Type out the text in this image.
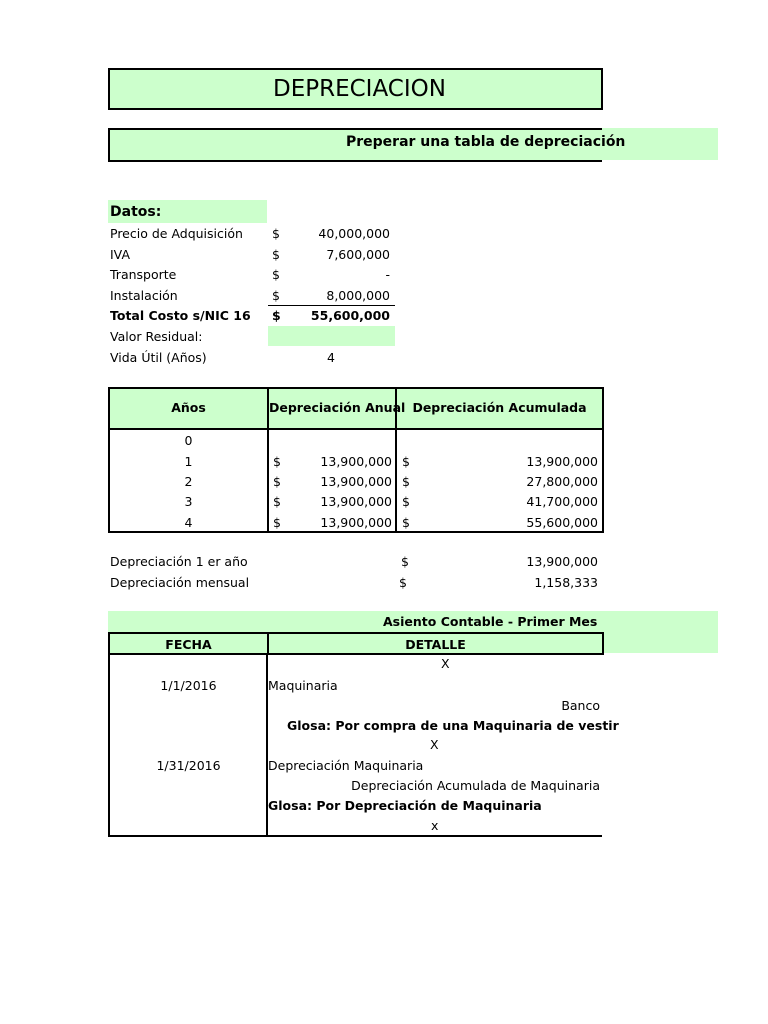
DEPRECIACION
Preperar una tabla de depreciación
Datos:
Precio de Adquisición $	40,000,000
IVA	$	7,600,000
Transporte	$	-
Instalación	$	8,000,000
Total Costo s/NIC 16 $ 55,600,000
Valor Residual:
Vida Útil (Años)	4
Años	Depreciación Anual Depreciación Acumulada
0
1	$	13,900,000 $	13,900,000
2	$	13,900,000 $	27,800,000
3	$	13,900,000 $	41,700,000
4	$	13,900,000 $	55,600,000
Depreciación 1 er año	$	13,900,000
Depreciación mensual	$	1,158,333
Asiento Contable - Primer Mes
FECHA	DETALLE
X
1/1/2016	Maquinaria
Banco
Glosa: Por compra de una Maquinaria de vestir
X
1/31/2016	Depreciación Maquinaria
Depreciación Acumulada de Maquinaria
Glosa: Por Depreciación de Maquinaria
x
